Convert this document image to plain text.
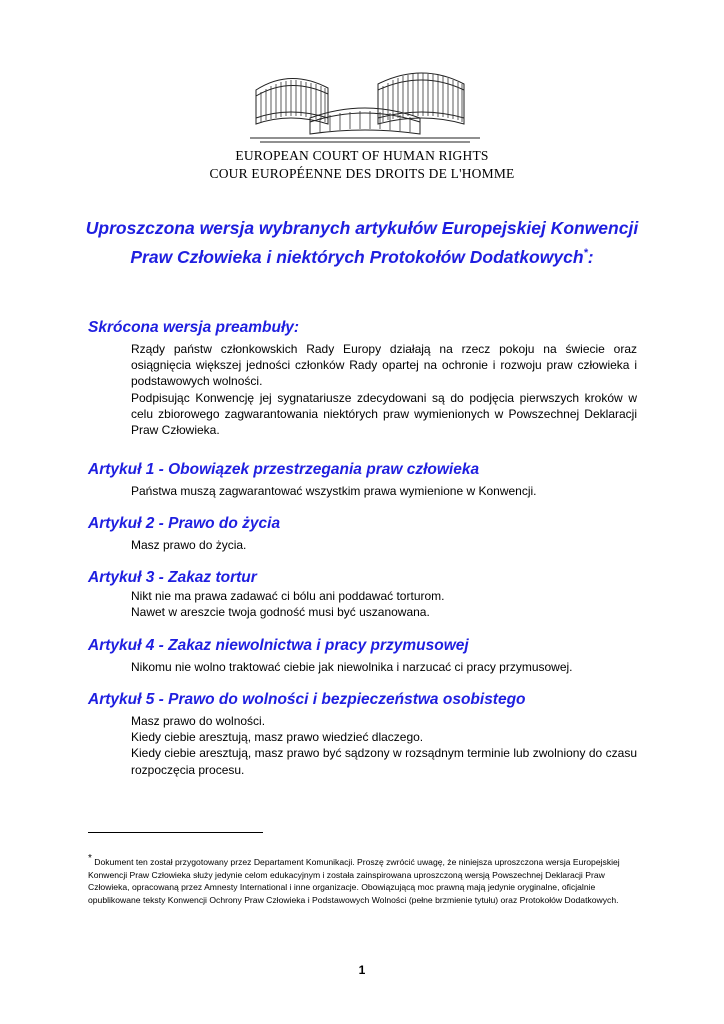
EUROPEAN COURT OF HUMAN RIGHTS
COUR EUROPÉENNE DES DROITS DE L'HOMME
Uproszczona wersja wybranych artykułów Europejskiej Konwencji
Praw Człowieka i niektórych Protokołów Dodatkowych*:
Skrócona wersja preambuły:

Rządy państw członkowskich Rady Europy działają na rzecz pokoju na świecie oraz osiągnięcia większej jedności członków Rady opartej na ochronie i rozwoju praw człowieka i podstawowych wolności.

Podpisując Konwencję jej sygnatariusze zdecydowani są do podjęcia pierwszych kroków w celu zbiorowego zagwarantowania niektórych praw wymienionych w Powszechnej Deklaracji Praw Człowieka.

Artykuł 1 - Obowiązek przestrzegania praw człowieka

Państwa muszą zagwarantować wszystkim prawa wymienione w Konwencji.

Artykuł 2 - Prawo do życia

Masz prawo do życia.

Artykuł 3 - Zakaz tortur

Nikt nie ma prawa zadawać ci bólu ani poddawać torturom.

Nawet w areszcie twoja godność musi być uszanowana.

Artykuł 4 - Zakaz niewolnictwa i pracy przymusowej

Nikomu nie wolno traktować ciebie jak niewolnika i narzucać ci pracy przymusowej.

Artykuł 5 - Prawo do wolności i bezpieczeństwa osobistego

Masz prawo do wolności.

Kiedy ciebie aresztują, masz prawo wiedzieć dlaczego.

Kiedy ciebie aresztują, masz prawo być sądzony w rozsądnym terminie lub zwolniony do czasu rozpoczęcia procesu.

* Dokument ten został przygotowany przez Departament Komunikacji. Proszę zwrócić uwagę, że niniejsza uproszczona wersja Europejskiej Konwencji Praw Człowieka służy jedynie celom edukacyjnym i została zainspirowana uproszczoną wersją Powszechnej Deklaracji Praw Człowieka, opracowaną przez Amnesty International i inne organizacje. Obowiązującą moc prawną mają jedynie oryginalne, oficjalnie opublikowane teksty Konwencji Ochrony Praw Człowieka i Podstawowych Wolności (pełne brzmienie tytułu) oraz Protokołów Dodatkowych.
1
